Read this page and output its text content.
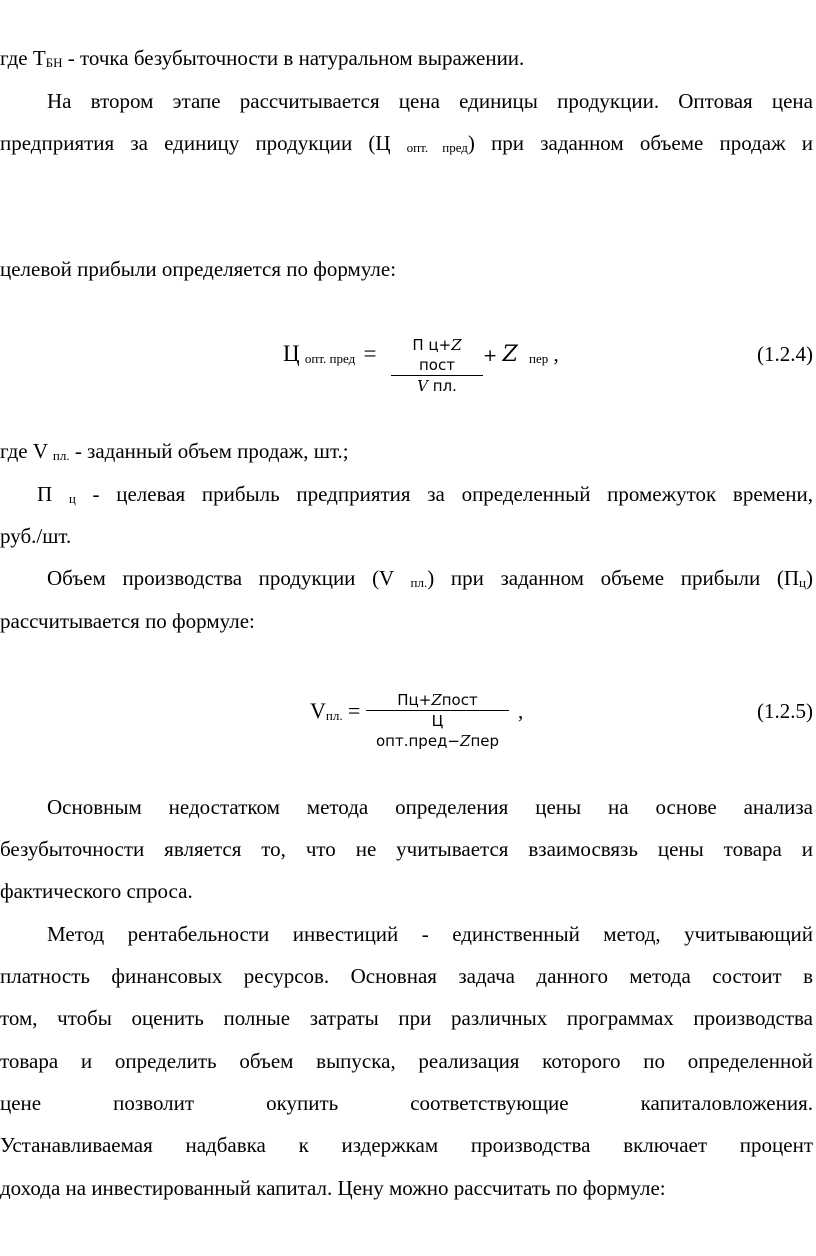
где ТБН - точка безубыточности в натуральном выражении.
На втором этапе рассчитывается цена единицы продукции. Оптовая цена
предприятия за единицу продукции (Ц опт. пред) при заданном объеме продаж и
целевой прибыли определяется по формуле:
Ц опт. пред =	П ц+Z пост
V пл.
+ Z пер ,	(1.2.4)
где V пл. - заданный объем продаж, шт.;
П ц - целевая прибыль предприятия за определенный промежуток времени,
руб./шт.
Объем производства продукции (V пл.) при заданном объеме прибыли (Пц)
рассчитывается по формуле:
Vпл. =	Пц+Zпост
Ц опт.пред−Zпер
,	(1.2.5)
Основным недостатком метода определения цены на основе анализа
безубыточности является то, что не учитывается взаимосвязь цены товара и
фактического спроса.
Метод рентабельности инвестиций - единственный метод, учитывающий
платность финансовых ресурсов. Основная задача данного метода состоит в
том, чтобы оценить полные затраты при различных программах производства
товара и определить объем выпуска, реализация которого по определенной
цене позволит окупить соответствующие капиталовложения.
Устанавливаемая надбавка к издержкам производства включает процент
дохода на инвестированный капитал. Цену можно рассчитать по формуле:
